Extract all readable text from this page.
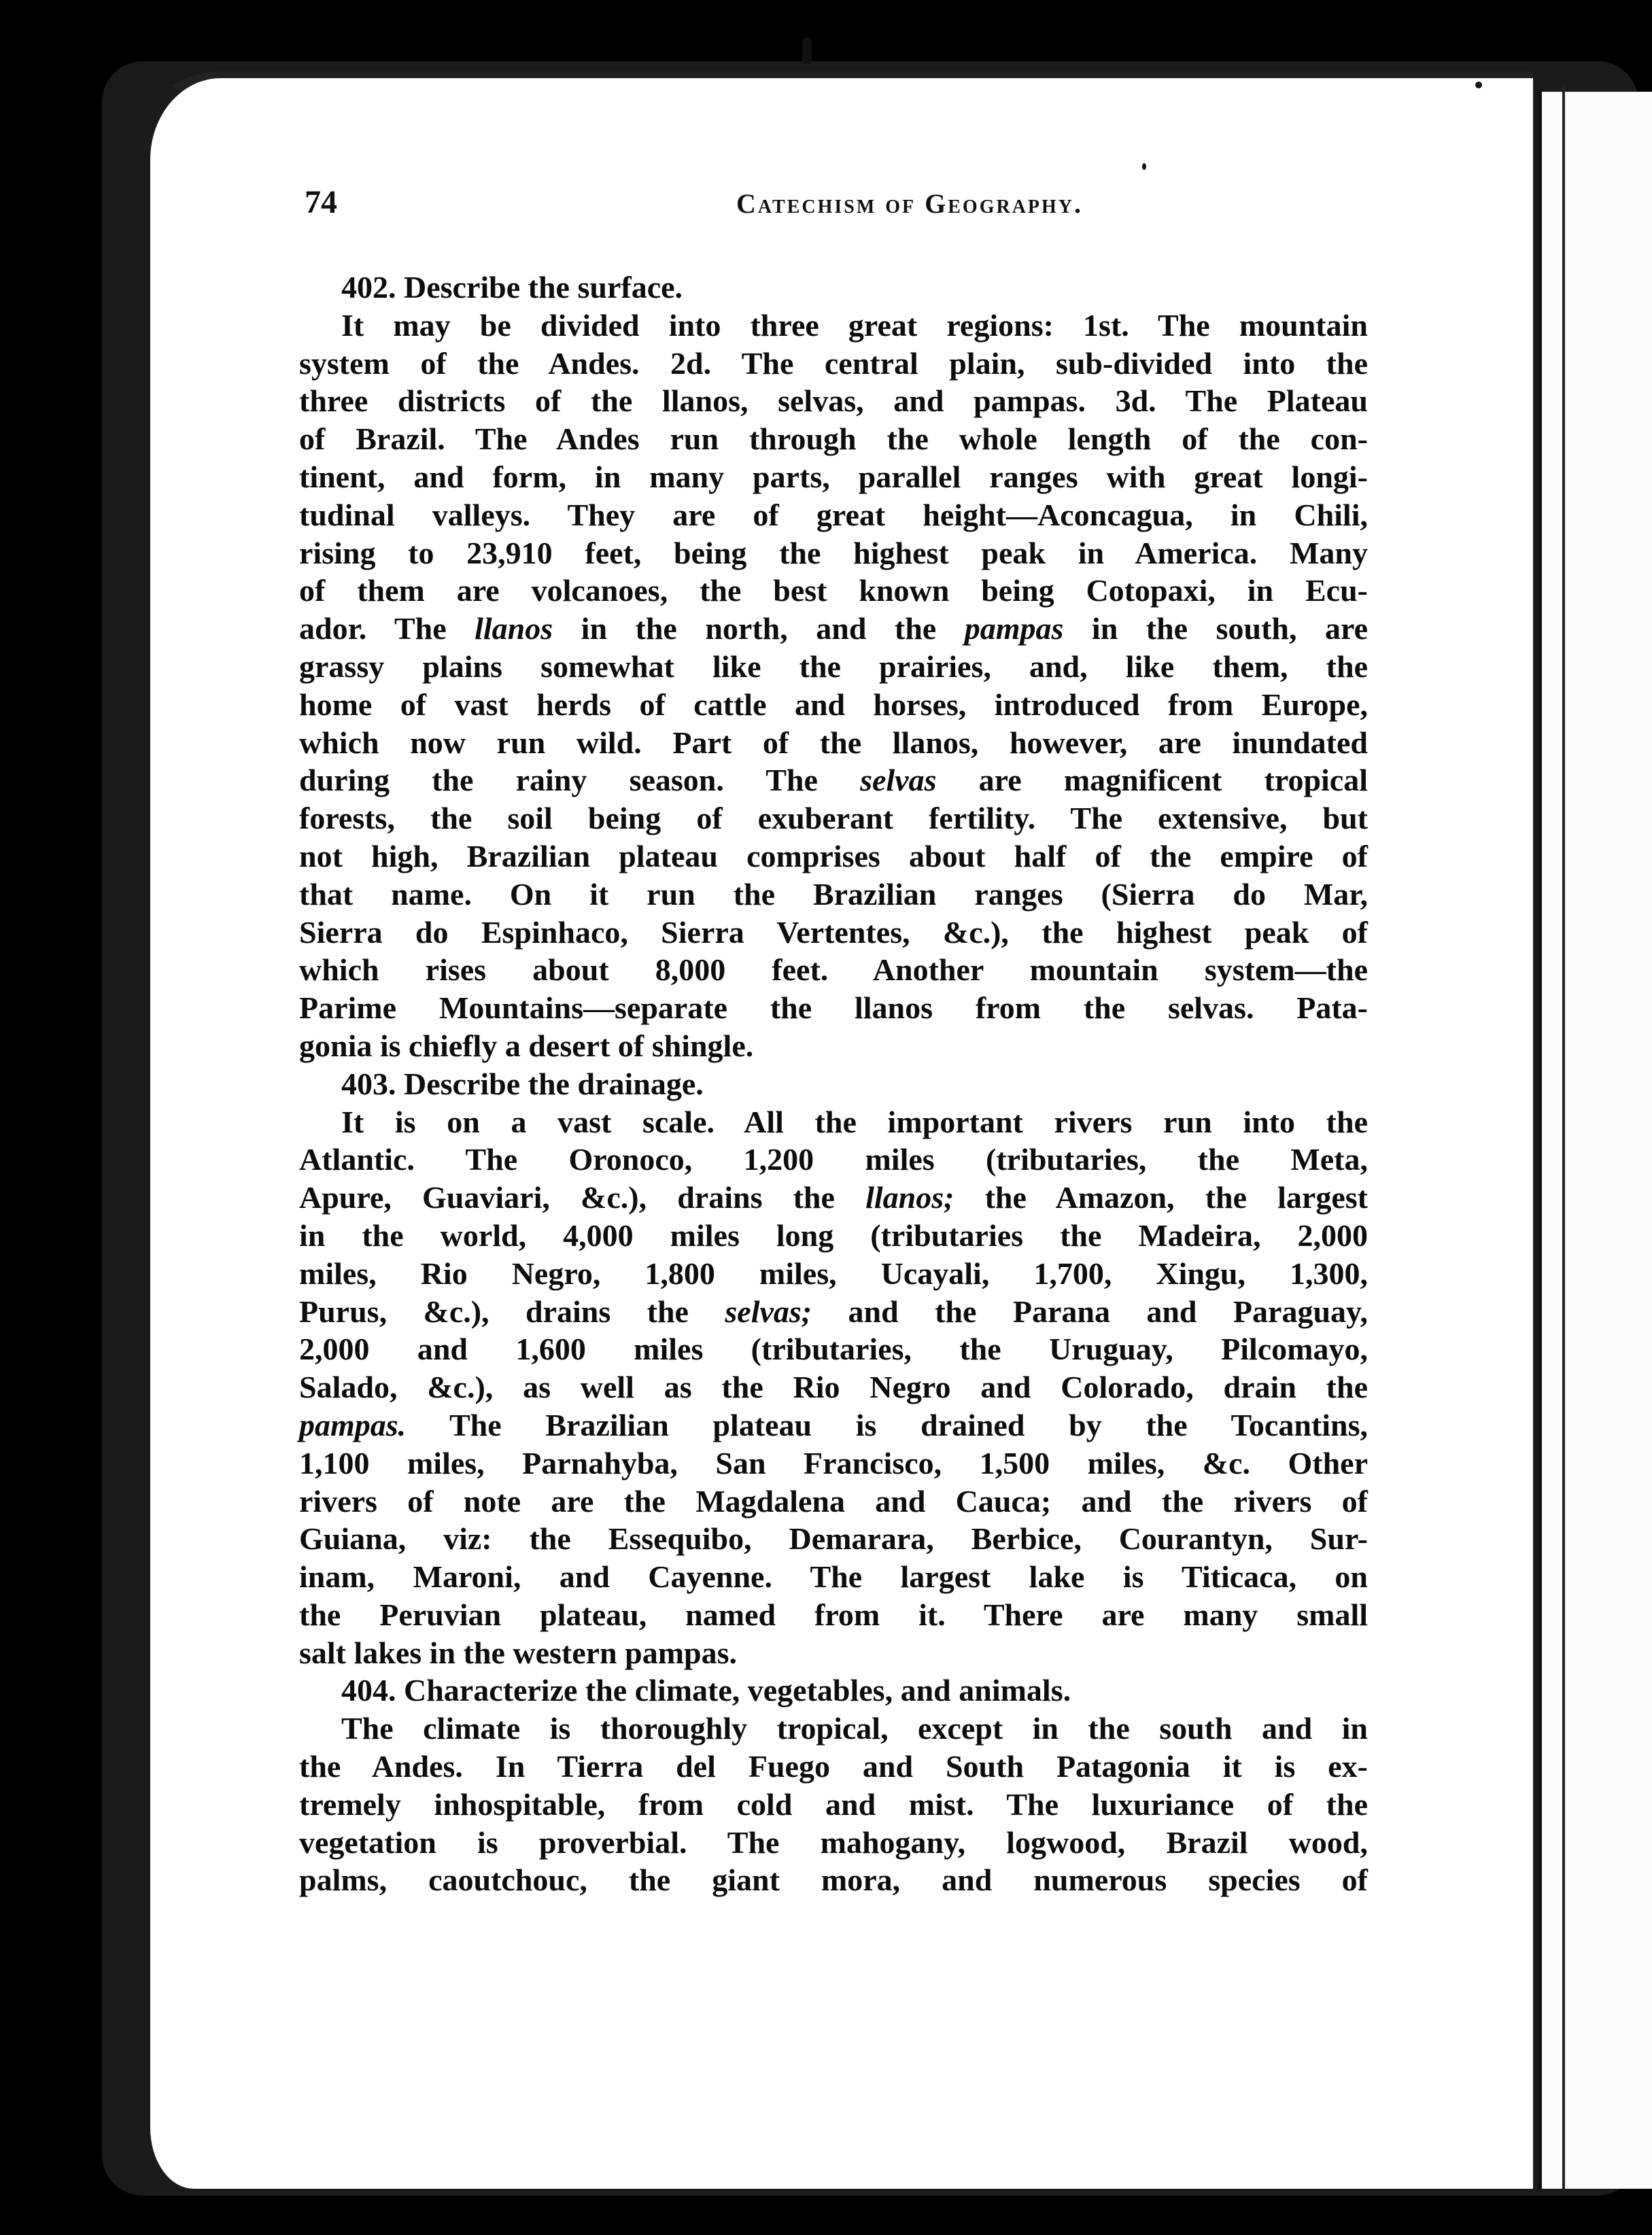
74	Catechism of Geography.
402. Describe the surface.
It may be divided into three great regions: 1st. The mountain
system of the Andes. 2d. The central plain, sub-divided into the
three districts of the llanos, selvas, and pampas. 3d. The Plateau
of Brazil. The Andes run through the whole length of the con-
tinent, and form, in many parts, parallel ranges with great longi-
tudinal valleys. They are of great height—Aconcagua, in Chili,
rising to 23,910 feet, being the highest peak in America. Many
of them are volcanoes, the best known being Cotopaxi, in Ecu-
ador. The llanos in the north, and the pampas in the south, are
grassy plains somewhat like the prairies, and, like them, the
home of vast herds of cattle and horses, introduced from Europe,
which now run wild. Part of the llanos, however, are inundated
during the rainy season. The selvas are magnificent tropical
forests, the soil being of exuberant fertility. The extensive, but
not high, Brazilian plateau comprises about half of the empire of
that name. On it run the Brazilian ranges (Sierra do Mar,
Sierra do Espinhaco, Sierra Vertentes, &c.), the highest peak of
which rises about 8,000 feet. Another mountain system—the
Parime Mountains—separate the llanos from the selvas. Pata-
gonia is chiefly a desert of shingle.
403. Describe the drainage.
It is on a vast scale. All the important rivers run into the
Atlantic. The Oronoco, 1,200 miles (tributaries, the Meta,
Apure, Guaviari, &c.), drains the llanos; the Amazon, the largest
in the world, 4,000 miles long (tributaries the Madeira, 2,000
miles, Rio Negro, 1,800 miles, Ucayali, 1,700, Xingu, 1,300,
Purus, &c.), drains the selvas; and the Parana and Paraguay,
2,000 and 1,600 miles (tributaries, the Uruguay, Pilcomayo,
Salado, &c.), as well as the Rio Negro and Colorado, drain the
pampas. The Brazilian plateau is drained by the Tocantins,
1,100 miles, Parnahyba, San Francisco, 1,500 miles, &c. Other
rivers of note are the Magdalena and Cauca; and the rivers of
Guiana, viz: the Essequibo, Demarara, Berbice, Courantyn, Sur-
inam, Maroni, and Cayenne. The largest lake is Titicaca, on
the Peruvian plateau, named from it. There are many small
salt lakes in the western pampas.
404. Characterize the climate, vegetables, and animals.
The climate is thoroughly tropical, except in the south and in
the Andes. In Tierra del Fuego and South Patagonia it is ex-
tremely inhospitable, from cold and mist. The luxuriance of the
vegetation is proverbial. The mahogany, logwood, Brazil wood,
palms, caoutchouc, the giant mora, and numerous species of
